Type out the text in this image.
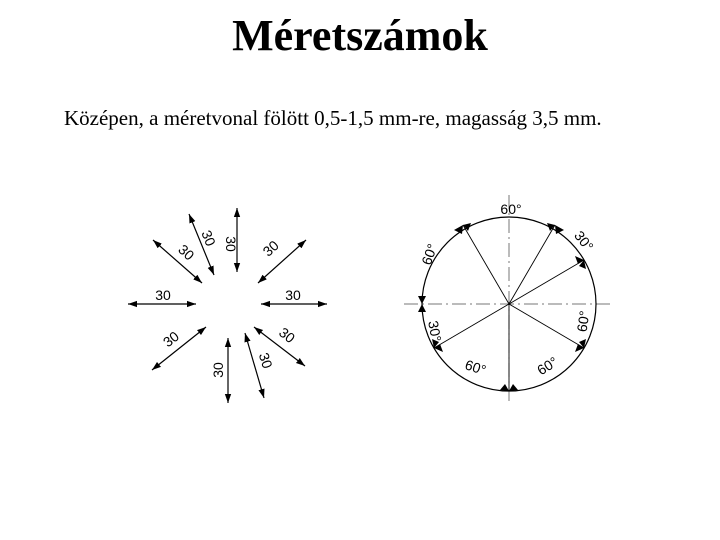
Méretszámok
Középen, a méretvonal fölött 0,5-1,5 mm-re, magasság 3,5 mm.
30
30
30	30
30	30
30	30
30 30
60°
30°
60°
60°
30°
60°	60°
